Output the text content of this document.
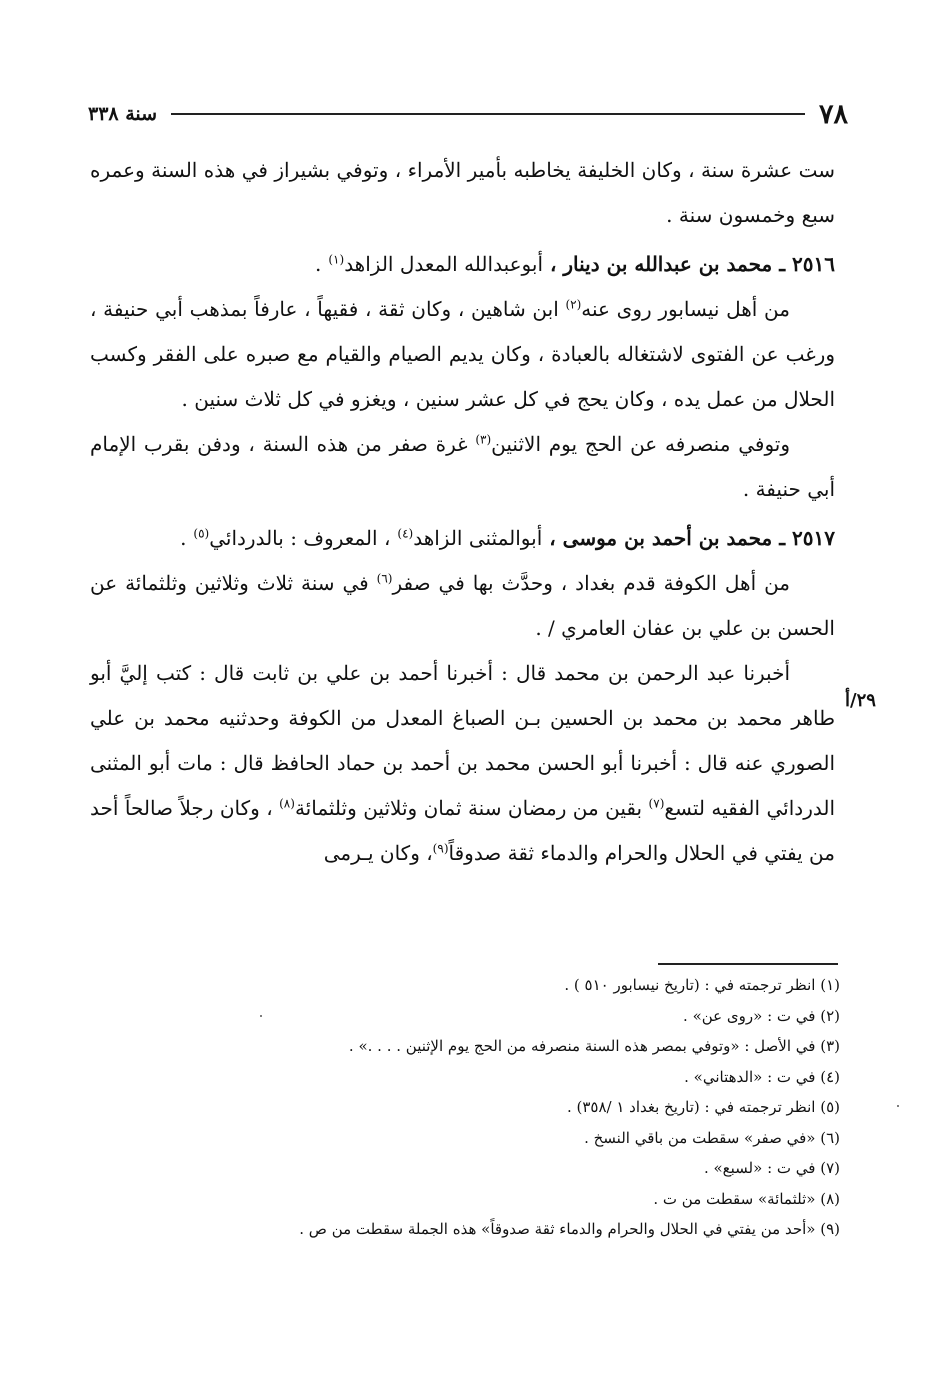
سنة ٣٣٨	٧٨
٢٩/أ

ست عشرة سنة ، وكان الخليفة يخاطبه بأمير الأمراء ، وتوفي بشيراز في هذه السنة وعمره سبع وخمسون سنة .

٢٥١٦ ـ محمد بن عبدالله بن دينار ، أبوعبدالله المعدل الزاهد$^{(١)}$ .

من أهل نيسابور روى عنه$^{(٢)}$ ابن شاهين ، وكان ثقة ، فقيهاً ، عارفاً بمذهب أبي حنيفة ، ورغب عن الفتوى لاشتغاله بالعبادة ، وكان يديم الصيام والقيام مع صبره على الفقر وكسب الحلال من عمل يده ، وكان يحج في كل عشر سنين ، ويغزو في كل ثلاث سنين .

وتوفي منصرفه عن الحج يوم الاثنين$^{(٣)}$ غرة صفر من هذه السنة ، ودفن بقرب الإمام أبي حنيفة .

٢٥١٧ ـ محمد بن أحمد بن موسى ، أبوالمثنى الزاهد$^{(٤)}$ ، المعروف : بالدردائي$^{(٥)}$ .

من أهل الكوفة قدم بغداد ، وحدَّث بها في صفر$^{(٦)}$ في سنة ثلاث وثلاثين وثلثمائة عن الحسن بن علي بن عفان العامري / .

أخبرنا عبد الرحمن بن محمد قال : أخبرنا أحمد بن علي بن ثابت قال : كتب إليَّ أبو طاهر محمد بن محمد بن الحسين بـن الصباغ المعدل من الكوفة وحدثنيه محمد بن علي الصوري عنه قال : أخبرنا أبو الحسن محمد بن أحمد بن حماد الحافظ قال : مات أبو المثنى الدردائي الفقيه لتسع$^{(٧)}$ بقين من رمضان سنة ثمان وثلاثين وثلثمائة$^{(٨)}$ ، وكان رجلاً صالحاً أحد من يفتي في الحلال والحرام والدماء ثقة صدوقاً$^{(٩)}$، وكان يـرمى

(١) انظر ترجمته في : (تاريخ نيسابور ٥١٠ ) .
(٢) في ت : «روى عن» .
(٣) في الأصل : «وتوفي بمصر هذه السنة منصرفه من الحج يوم الإثنين . . . .» .
(٤) في ت : «الدهتاني» .
(٥) انظر ترجمته في : (تاريخ بغداد ١ /٣٥٨) .
(٦) «في صفر» سقطت من باقي النسخ .
(٧) في ت : «لسبع» .
(٨) «ثلثمائة» سقطت من ت .
(٩) «أحد من يفتي في الحلال والحرام والدماء ثقة صدوقاً» هذه الجملة سقطت من ص .
